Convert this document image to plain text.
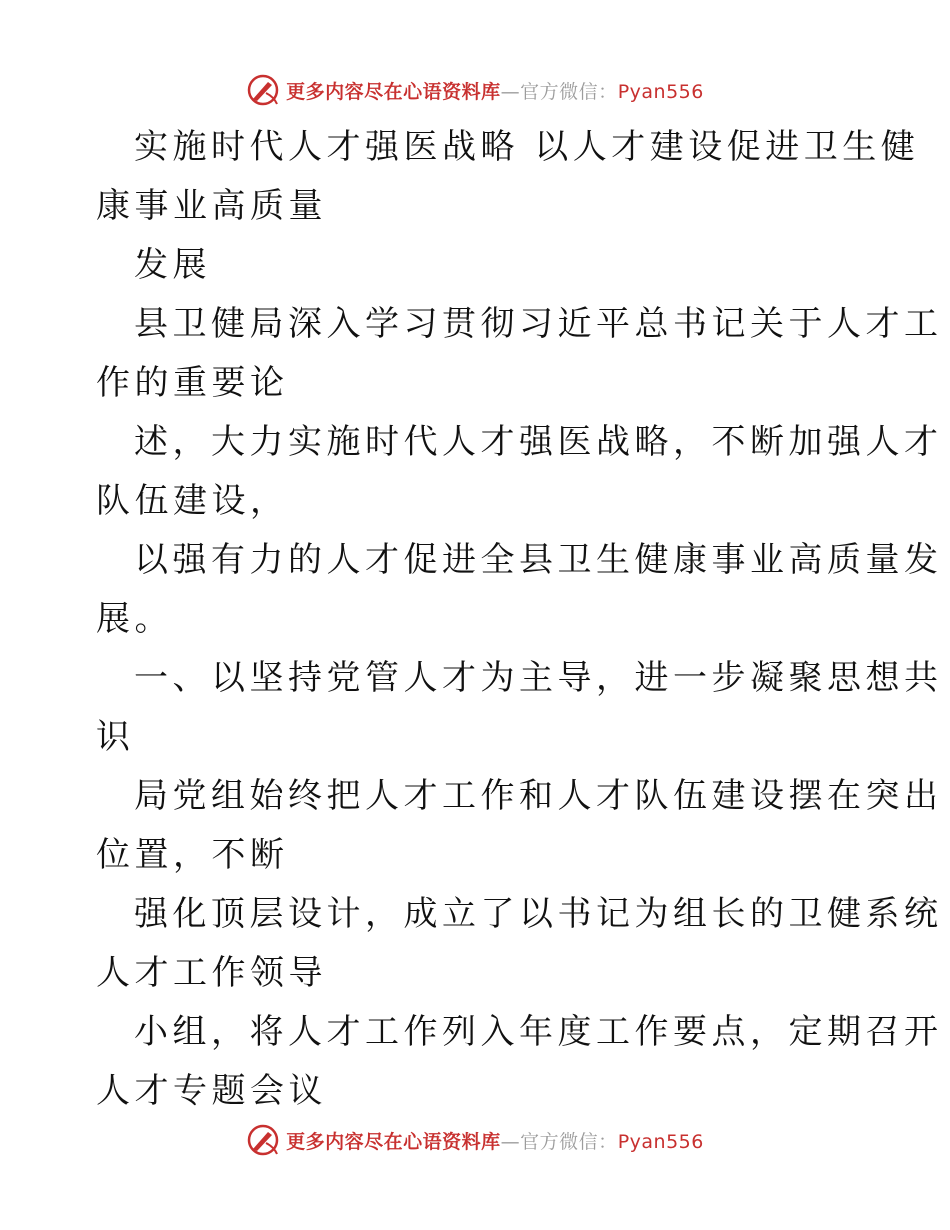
更多内容尽在心语资料库—官方微信：Pyan556
实施时代人才强医战略 以人才建设促进卫生健
康事业高质量
发展
县卫健局深入学习贯彻习近平总书记关于人才工
作的重要论
述，大力实施时代人才强医战略，不断加强人才
队伍建设，
以强有力的人才促进全县卫生健康事业高质量发
展。
一、以坚持党管人才为主导，进一步凝聚思想共
识
局党组始终把人才工作和人才队伍建设摆在突出
位置，不断
强化顶层设计，成立了以书记为组长的卫健系统
人才工作领导
小组，将人才工作列入年度工作要点，定期召开
人才专题会议
更多内容尽在心语资料库—官方微信：Pyan556
